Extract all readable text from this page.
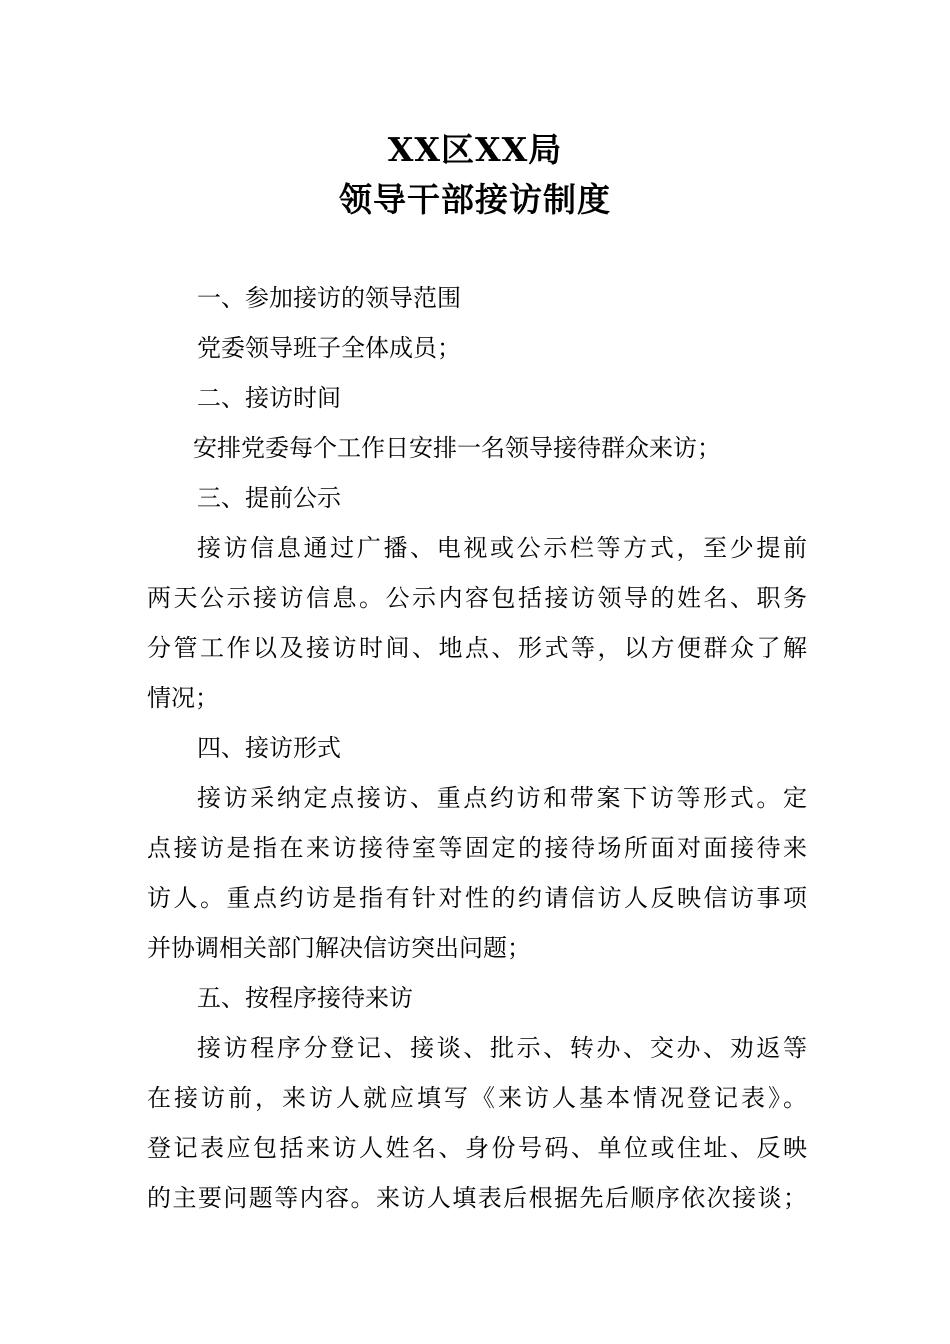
XX区XX局
领导干部接访制度
一、参加接访的领导范围
党委领导班子全体成员；
二、接访时间
安排党委每个工作日安排一名领导接待群众来访；
三、提前公示
接访信息通过广播、电视或公示栏等方式，至少提前
两天公示接访信息。公示内容包括接访领导的姓名、职务
分管工作以及接访时间、地点、形式等，以方便群众了解
情况；
四、接访形式
接访采纳定点接访、重点约访和带案下访等形式。定
点接访是指在来访接待室等固定的接待场所面对面接待来
访人。重点约访是指有针对性的约请信访人反映信访事项
并协调相关部门解决信访突出问题；
五、按程序接待来访
接访程序分登记、接谈、批示、转办、交办、劝返等
在接访前，来访人就应填写《来访人基本情况登记表》。
登记表应包括来访人姓名、身份号码、单位或住址、反映
的主要问题等内容。来访人填表后根据先后顺序依次接谈；
